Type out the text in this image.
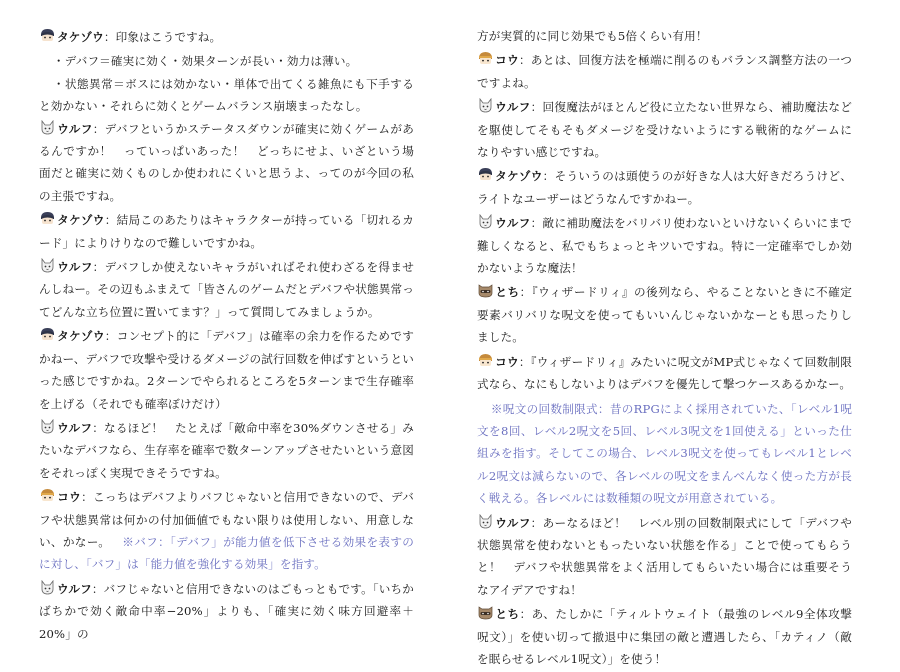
タケゾウ：印象はこうですね。

・デバフ＝確実に効く・効果ターンが長い・効力は薄い。

・状態異常＝ボスには効かない・単体で出てくる雑魚にも下手すると効かない・それらに効くとゲームバランス崩壊まったなし。

ウルフ：デバフというかステータスダウンが確実に効くゲームがあるんですか！　っていっぱいあった！　どっちにせよ、いざという場面だと確実に効くものしか使われにくいと思うよ、ってのが今回の私の主張ですね。

タケゾウ：結局このあたりはキャラクターが持っている「切れるカード」によりけりなので難しいですかね。

ウルフ：デバフしか使えないキャラがいればそれ使わざるを得ませんしねー。その辺もふまえて「皆さんのゲームだとデバフや状態異常ってどんな立ち位置に置いてます？」って質問してみましょうか。

タケゾウ：コンセプト的に「デバフ」は確率の余力を作るためですかねー、デバフで攻撃や受けるダメージの試行回数を伸ばすというといった感じですかね。2ターンでやられるところを5ターンまで生存確率を上げる（それでも確率ぼけだけ）

ウルフ：なるほど！　たとえば「敵命中率を30%ダウンさせる」みたいなデバフなら、生存率を確率で数ターンアップさせたいという意図をそれっぽく実現できそうですね。

コウ：こっちはデバフよりバフじゃないと信用できないので、デバフや状態異常は何かの付加価値でもない限りは使用しない、用意しない、かなー。 ※バフ：「デバフ」が能力値を低下させる効果を表すのに対し、「バフ」は「能力値を強化する効果」を指す。

ウルフ：バフじゃないと信用できないのはごもっともです。「いちかばちかで効く敵命中率−20%」よりも、「確実に効く味方回避率＋20%」の

方が実質的に同じ効果でも5倍くらい有用！

コウ：あとは、回復方法を極端に削るのもバランス調整方法の一つですよね。

ウルフ：回復魔法がほとんど役に立たない世界なら、補助魔法などを駆使してそもそもダメージを受けないようにする戦術的なゲームになりやすい感じですね。

タケゾウ：そういうのは頭使うのが好きな人は大好きだろうけど、ライトなユーザーはどうなんですかねー。

ウルフ：敵に補助魔法をバリバリ使わないといけないくらいにまで難しくなると、私でもちょっとキツいですね。特に一定確率でしか効かないような魔法！

とち：『ウィザードリィ』の後列なら、やることないときに不確定要素バリバリな呪文を使ってもいいんじゃないかなーとも思ったりしました。

コウ：『ウィザードリィ』みたいに呪文がMP式じゃなくて回数制限式なら、なにもしないよりはデバフを優先して撃つケースあるかなー。

※呪文の回数制限式：昔のRPGによく採用されていた、「レベル1呪文を8回、レベル2呪文を5回、レベル3呪文を1回使える」といった仕組みを指す。そしてこの場合、レベル3呪文を使ってもレベル1とレベル2呪文は減らないので、各レベルの呪文をまんべんなく使った方が長く戦える。各レベルには数種類の呪文が用意されている。

ウルフ：あーなるほど！　レベル別の回数制限式にして「デバフや状態異常を使わないともったいない状態を作る」ことで使ってもらうと！　デバフや状態異常をよく活用してもらいたい場合には重要そうなアイデアですね！

とち：あ、たしかに「ティルトウェイト（最強のレベル9全体攻撃呪文）」を使い切って撤退中に集団の敵と遭遇したら、「カティノ（敵を眠らせるレベル1呪文）」を使う！
